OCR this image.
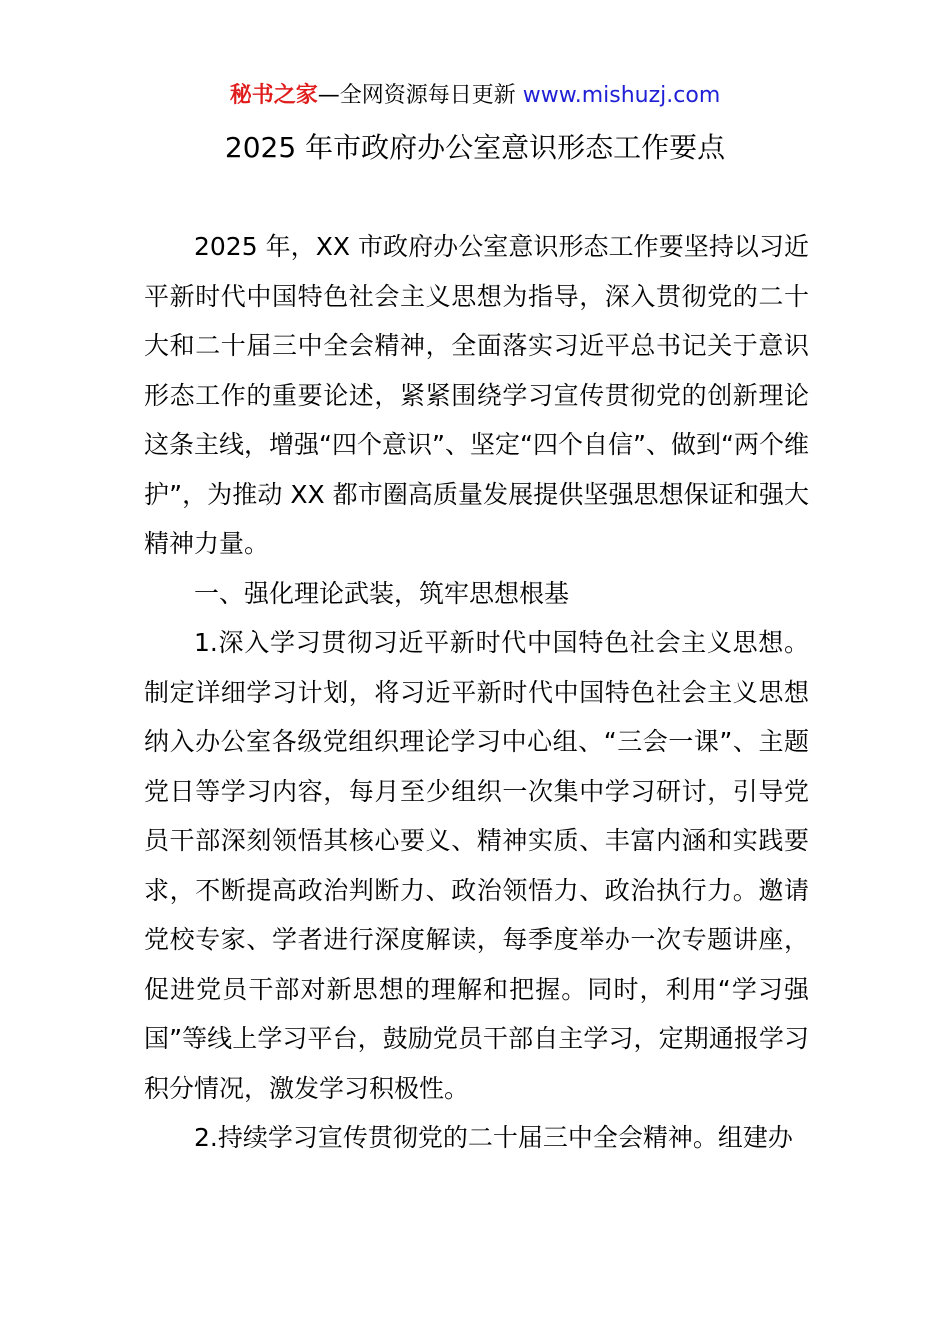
秘书之家—全网资源每日更新 www.mishuzj.com
2025 年市政府办公室意识形态工作要点

2025 年，XX 市政府办公室意识形态工作要坚持以习近平新时代中国特色社会主义思想为指导，深入贯彻党的二十大和二十届三中全会精神，全面落实习近平总书记关于意识形态工作的重要论述，紧紧围绕学习宣传贯彻党的创新理论这条主线，增强“四个意识”、坚定“四个自信”、做到“两个维护”，为推动 XX 都市圈高质量发展提供坚强思想保证和强大精神力量。

一、强化理论武装，筑牢思想根基

1.深入学习贯彻习近平新时代中国特色社会主义思想。制定详细学习计划，将习近平新时代中国特色社会主义思想纳入办公室各级党组织理论学习中心组、“三会一课”、主题党日等学习内容，每月至少组织一次集中学习研讨，引导党员干部深刻领悟其核心要义、精神实质、丰富内涵和实践要求，不断提高政治判断力、政治领悟力、政治执行力。邀请党校专家、学者进行深度解读，每季度举办一次专题讲座，促进党员干部对新思想的理解和把握。同时，利用“学习强国”等线上学习平台，鼓励党员干部自主学习，定期通报学习积分情况，激发学习积极性。

2.持续学习宣传贯彻党的二十届三中全会精神。组建办
